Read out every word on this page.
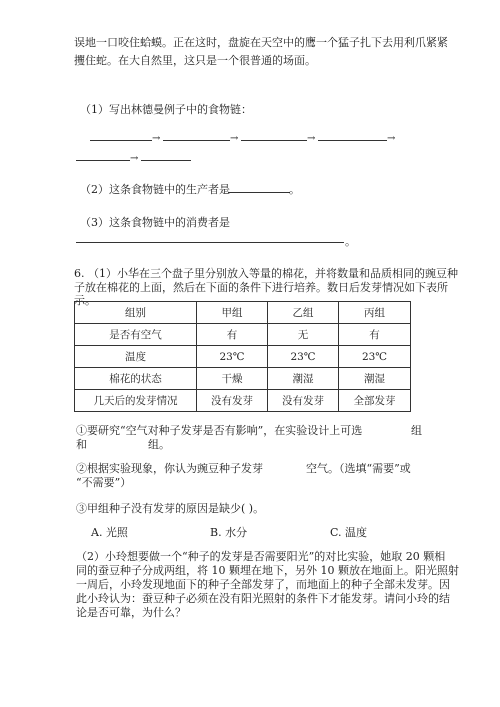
误地一口咬住蛤蟆。正在这时，盘旋在天空中的鹰一个猛子扎下去用利爪紧紧
攫住蛇。在大自然里，这只是一个很普通的场面。
（1）写出林德曼例子中的食物链：
→	→	→	→
→
（2）这条食物链中的生产者是	。
（3）这条食物链中的消费者是
。
6. （1）小华在三个盘子里分别放入等量的棉花，并将数量和品质相同的豌豆种
子放在棉花的上面，然后在下面的条件下进行培养。数日后发芽情况如下表所
示。
组别	甲组	乙组	丙组
是否有空气	有	无	有
温度	23℃	23℃	23℃
棉花的状态	干燥	潮湿	潮湿
几天后的发芽情况	没有发芽	没有发芽	全部发芽
①要研究“空气对种子发芽是否有影响”，在实验设计上可选	组
和	组。
②根据实验现象，你认为豌豆种子发芽	空气。（选填“需要”或
“不需要”）
③甲组种子没有发芽的原因是缺少( )。
A. 光照	B. 水分	C. 温度
（2）小玲想要做一个“种子的发芽是否需要阳光”的对比实验，她取 20 颗相
同的蚕豆种子分成两组，将 10 颗埋在地下，另外 10 颗放在地面上。阳光照射
一周后，小玲发现地面下的种子全部发芽了，而地面上的种子全部未发芽。因
此小玲认为：蚕豆种子必须在没有阳光照射的条件下才能发芽。请问小玲的结
论是否可靠，为什么？
